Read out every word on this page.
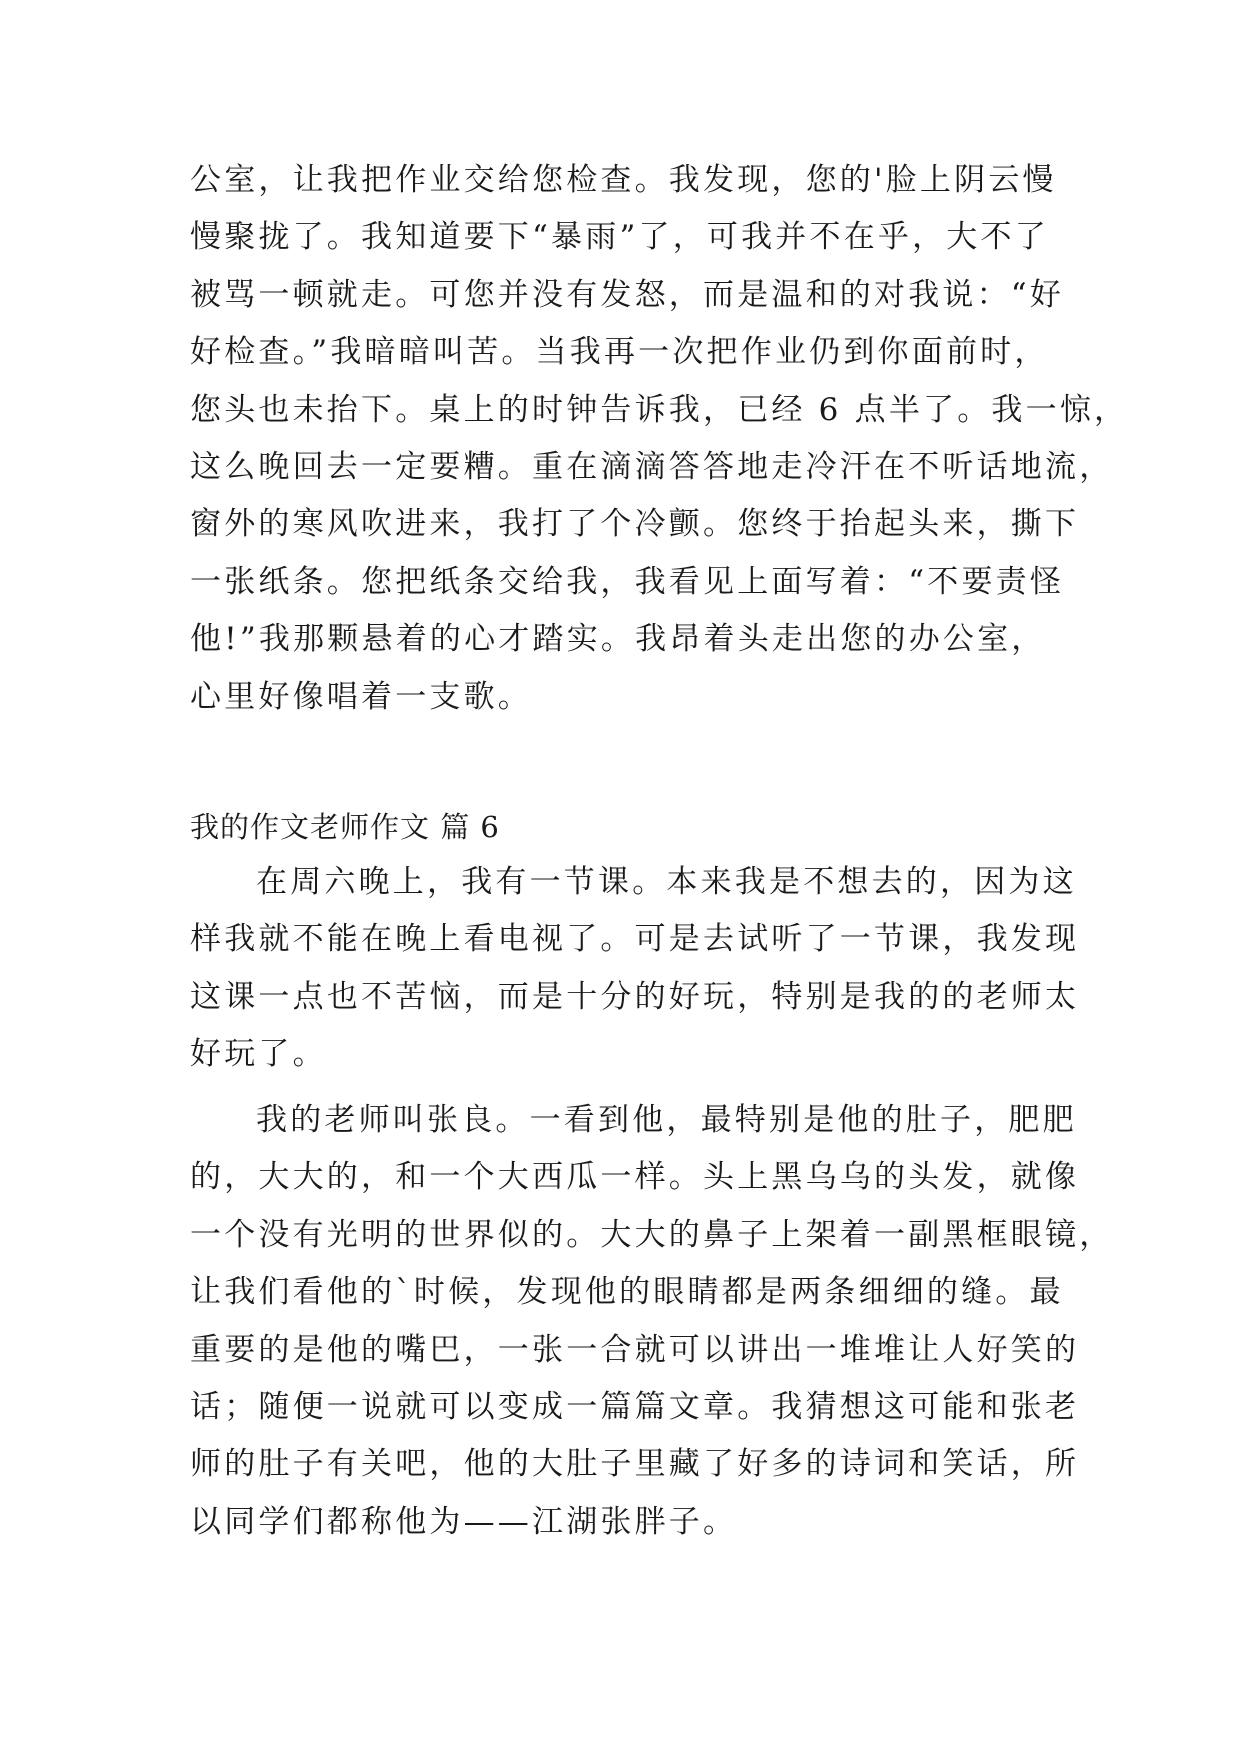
公室，让我把作业交给您检查。我发现，您的'脸上阴云慢
慢聚拢了。我知道要下“暴雨”了，可我并不在乎，大不了
被骂一顿就走。可您并没有发怒，而是温和的对我说：“好
好检查。”我暗暗叫苦。当我再一次把作业仍到你面前时，
您头也未抬下。桌上的时钟告诉我，已经 6 点半了。我一惊，
这么晚回去一定要糟。重在滴滴答答地走冷汗在不听话地流，
窗外的寒风吹进来，我打了个冷颤。您终于抬起头来，撕下
一张纸条。您把纸条交给我，我看见上面写着：“不要责怪
他!”我那颗悬着的心才踏实。我昂着头走出您的办公室，
心里好像唱着一支歌。
我的作文老师作文 篇 6
在周六晚上，我有一节课。本来我是不想去的，因为这
样我就不能在晚上看电视了。可是去试听了一节课，我发现
这课一点也不苦恼，而是十分的好玩，特别是我的的老师太
好玩了。
我的老师叫张良。一看到他，最特别是他的肚子，肥肥
的，大大的，和一个大西瓜一样。头上黑乌乌的头发，就像
一个没有光明的世界似的。大大的鼻子上架着一副黑框眼镜，
让我们看他的`时候，发现他的眼睛都是两条细细的缝。最
重要的是他的嘴巴，一张一合就可以讲出一堆堆让人好笑的
话；随便一说就可以变成一篇篇文章。我猜想这可能和张老
师的肚子有关吧，他的大肚子里藏了好多的诗词和笑话，所
以同学们都称他为——江湖张胖子。
